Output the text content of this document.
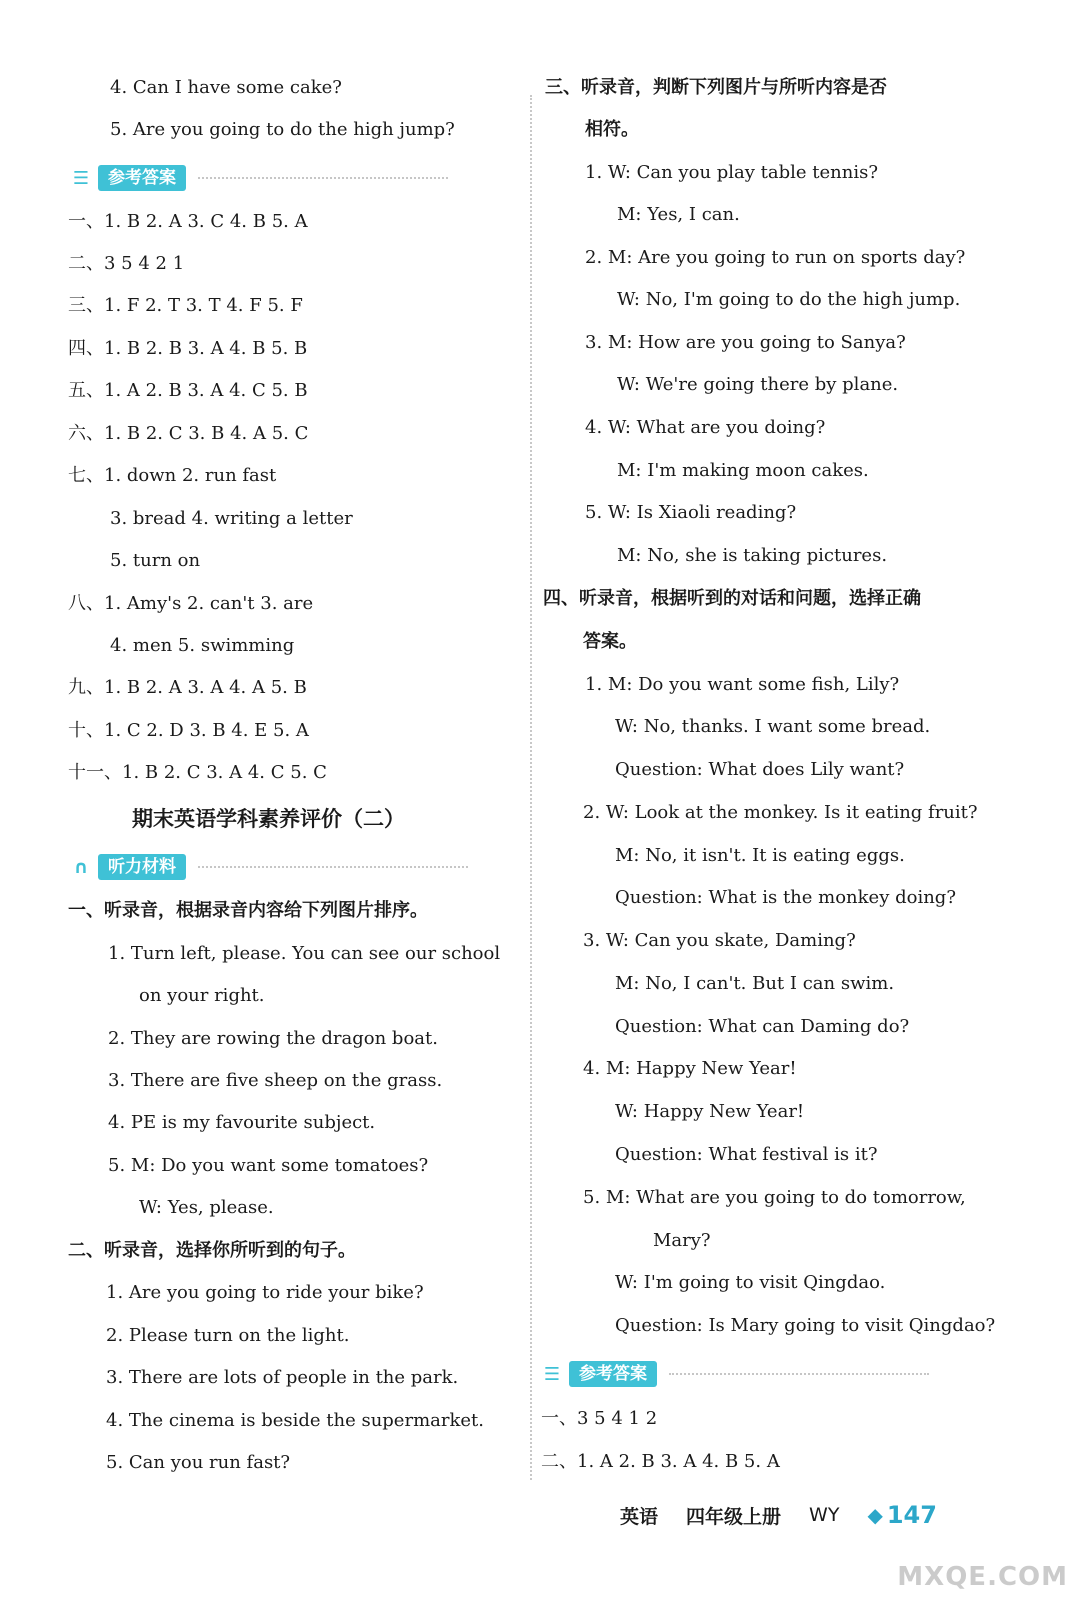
4. Can I have some cake?
5. Are you going to do the high jump?
☰	参考答案
一、1. B 2. A 3. C 4. B 5. A
二、3 5 4 2 1
三、1. F 2. T 3. T 4. F 5. F
四、1. B 2. B 3. A 4. B 5. B
五、1. A 2. B 3. A 4. C 5. B
六、1. B 2. C 3. B 4. A 5. C
七、1. down 2. run fast
3. bread 4. writing a letter
5. turn on
八、1. Amy's 2. can't 3. are
4. men 5. swimming
九、1. B 2. A 3. A 4. A 5. B
十、1. C 2. D 3. B 4. E 5. A
十一、1. B 2. C 3. A 4. C 5. C
期末英语学科素养评价（二）
∩	听力材料
一、听录音，根据录音内容给下列图片排序。
1. Turn left, please. You can see our school
on your right.
2. They are rowing the dragon boat.
3. There are five sheep on the grass.
4. PE is my favourite subject.
5. M: Do you want some tomatoes?
W: Yes, please.
二、听录音，选择你所听到的句子。
1. Are you going to ride your bike?
2. Please turn on the light.
3. There are lots of people in the park.
4. The cinema is beside the supermarket.
5. Can you run fast?
三、听录音，判断下列图片与所听内容是否
相符。
1. W: Can you play table tennis?
M: Yes, I can.
2. M: Are you going to run on sports day?
W: No, I'm going to do the high jump.
3. M: How are you going to Sanya?
W: We're going there by plane.
4. W: What are you doing?
M: I'm making moon cakes.
5. W: Is Xiaoli reading?
M: No, she is taking pictures.
四、听录音，根据听到的对话和问题，选择正确
答案。
1. M: Do you want some fish, Lily?
W: No, thanks. I want some bread.
Question: What does Lily want?
2. W: Look at the monkey. Is it eating fruit?
M: No, it isn't. It is eating eggs.
Question: What is the monkey doing?
3. W: Can you skate, Daming?
M: No, I can't. But I can swim.
Question: What can Daming do?
4. M: Happy New Year!
W: Happy New Year!
Question: What festival is it?
5. M: What are you going to do tomorrow,
Mary?
W: I'm going to visit Qingdao.
Question: Is Mary going to visit Qingdao?
☰	参考答案
一、3 5 4 1 2
二、1. A 2. B 3. A 4. B 5. A
英语 四年级上册 WY ◆ 147
MXQE.COM
